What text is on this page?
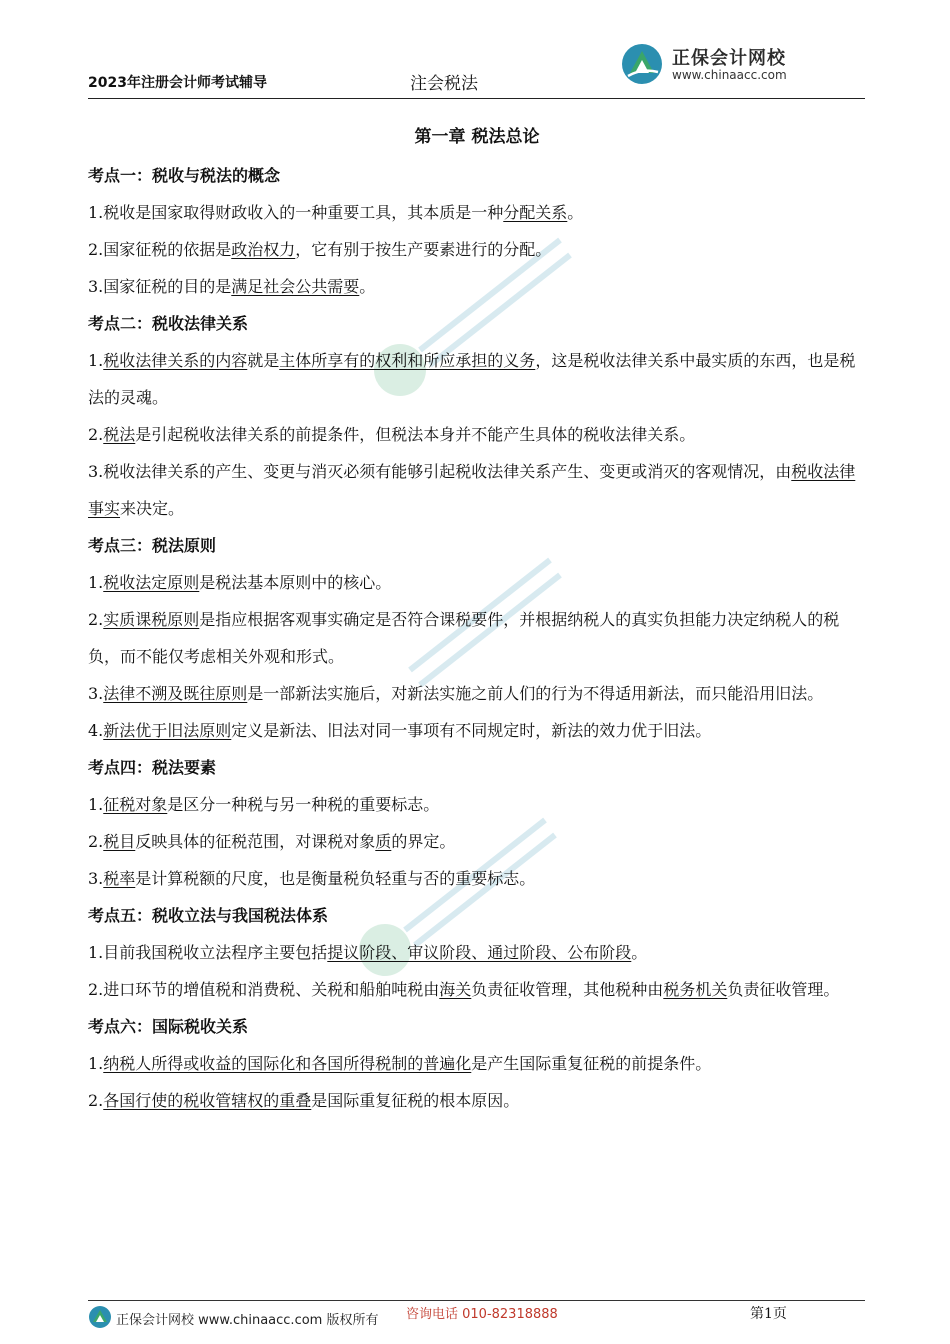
2023年注册会计师考试辅导	注会税法
正保会计网校
www.chinaacc.com
第一章 税法总论
考点一：税收与税法的概念
1.税收是国家取得财政收入的一种重要工具，其本质是一种分配关系。
2.国家征税的依据是政治权力，它有别于按生产要素进行的分配。
3.国家征税的目的是满足社会公共需要。
考点二：税收法律关系
1.税收法律关系的内容就是主体所享有的权利和所应承担的义务，这是税收法律关系中最实质的东西，也是税法的灵魂。
2.税法是引起税收法律关系的前提条件，但税法本身并不能产生具体的税收法律关系。
3.税收法律关系的产生、变更与消灭必须有能够引起税收法律关系产生、变更或消灭的客观情况，由税收法律事实来决定。
考点三：税法原则
1.税收法定原则是税法基本原则中的核心。
2.实质课税原则是指应根据客观事实确定是否符合课税要件，并根据纳税人的真实负担能力决定纳税人的税负，而不能仅考虑相关外观和形式。
3.法律不溯及既往原则是一部新法实施后，对新法实施之前人们的行为不得适用新法，而只能沿用旧法。
4.新法优于旧法原则定义是新法、旧法对同一事项有不同规定时，新法的效力优于旧法。
考点四：税法要素
1.征税对象是区分一种税与另一种税的重要标志。
2.税目反映具体的征税范围，对课税对象质的界定。
3.税率是计算税额的尺度，也是衡量税负轻重与否的重要标志。
考点五：税收立法与我国税法体系
1.目前我国税收立法程序主要包括提议阶段、审议阶段、通过阶段、公布阶段。
2.进口环节的增值税和消费税、关税和船舶吨税由海关负责征收管理，其他税种由税务机关负责征收管理。
考点六：国际税收关系
1.纳税人所得或收益的国际化和各国所得税制的普遍化是产生国际重复征税的前提条件。
2.各国行使的税收管辖权的重叠是国际重复征税的根本原因。
正保会计网校 www.chinaacc.com 版权所有 咨询电话 010-82318888	第1页
